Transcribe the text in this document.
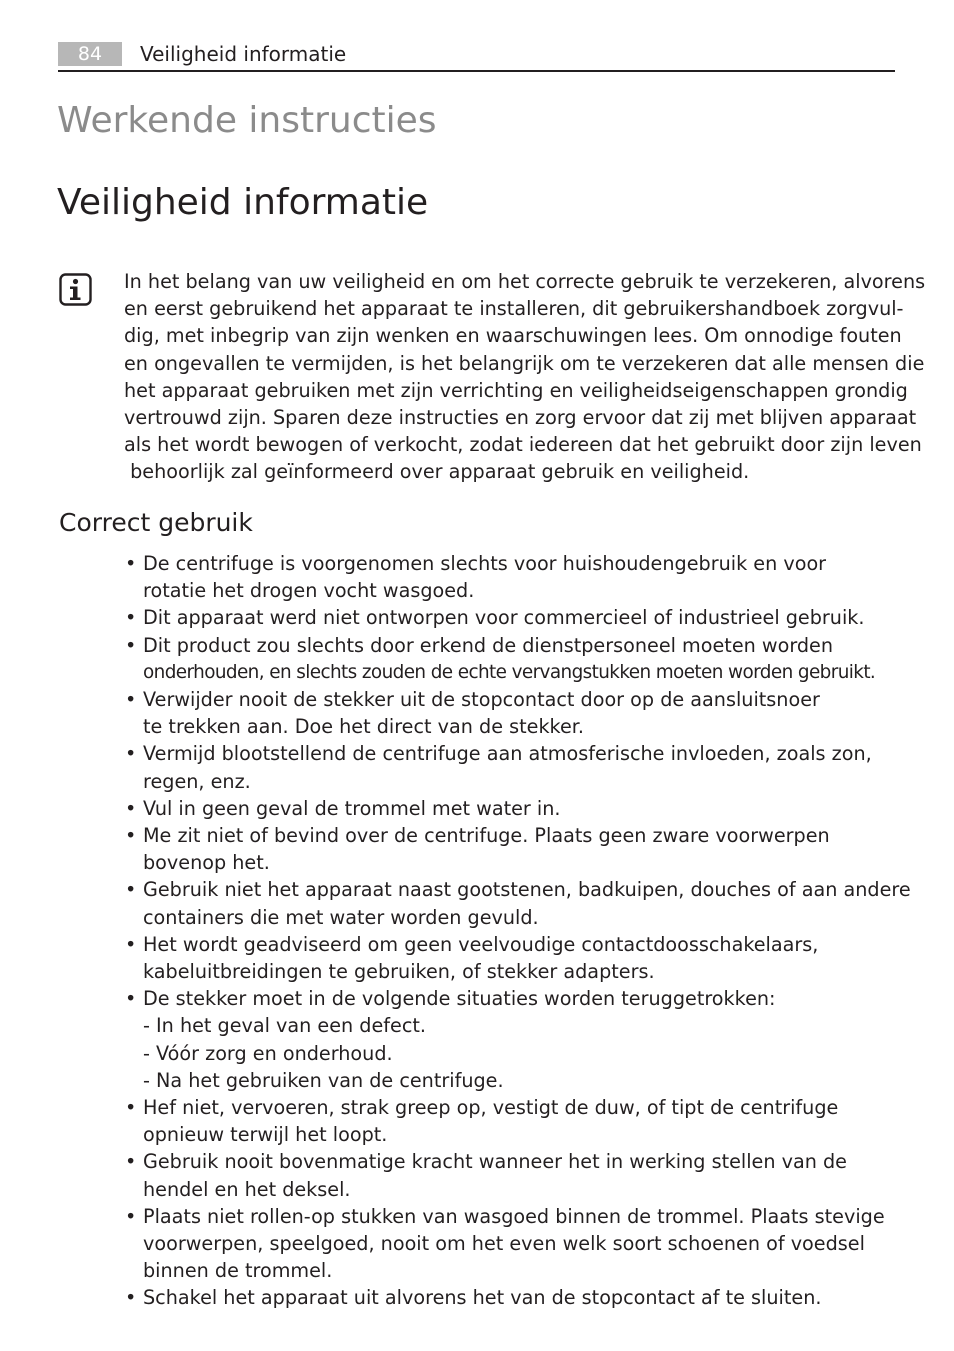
84	Veiligheid informatie
Werkende instructies
Veiligheid informatie

In het belang van uw veiligheid en om het correcte gebruik te verzekeren, alvorens
en eerst gebruikend het apparaat te installeren, dit gebruikershandboek zorgvul-
dig, met inbegrip van zijn wenken en waarschuwingen lees. Om onnodige fouten
en ongevallen te vermijden, is het belangrijk om te verzekeren dat alle mensen die
het apparaat gebruiken met zijn verrichting en veiligheidseigenschappen grondig
vertrouwd zijn. Sparen deze instructies en zorg ervoor dat zij met blijven apparaat
als het wordt bewogen of verkocht, zodat iedereen dat het gebruikt door zijn leven
behoorlijk zal geïnformeerd over apparaat gebruik en veiligheid.

Correct gebruik
• De centrifuge is voorgenomen slechts voor huishoudengebruik en voor
rotatie het drogen vocht wasgoed.
• Dit apparaat werd niet ontworpen voor commercieel of industrieel gebruik.
• Dit product zou slechts door erkend de dienstpersoneel moeten worden
onderhouden, en slechts zouden de echte vervangstukken moeten worden gebruikt.
• Verwijder nooit de stekker uit de stopcontact door op de aansluitsnoer
te trekken aan. Doe het direct van de stekker.
• Vermijd blootstellend de centrifuge aan atmosferische invloeden, zoals zon,
regen, enz.
• Vul in geen geval de trommel met water in.
• Me zit niet of bevind over de centrifuge. Plaats geen zware voorwerpen
bovenop het.
• Gebruik niet het apparaat naast gootstenen, badkuipen, douches of aan andere
containers die met water worden gevuld.
• Het wordt geadviseerd om geen veelvoudige contactdoosschakelaars,
kabeluitbreidingen te gebruiken, of stekker adapters.
• De stekker moet in de volgende situaties worden teruggetrokken:
- In het geval van een defect.
- Vóór zorg en onderhoud.
- Na het gebruiken van de centrifuge.
• Hef niet, vervoeren, strak greep op, vestigt de duw, of tipt de centrifuge
opnieuw terwijl het loopt.
• Gebruik nooit bovenmatige kracht wanneer het in werking stellen van de
hendel en het deksel.
• Plaats niet rollen-op stukken van wasgoed binnen de trommel. Plaats stevige
voorwerpen, speelgoed, nooit om het even welk soort schoenen of voedsel
binnen de trommel.
• Schakel het apparaat uit alvorens het van de stopcontact af te sluiten.
